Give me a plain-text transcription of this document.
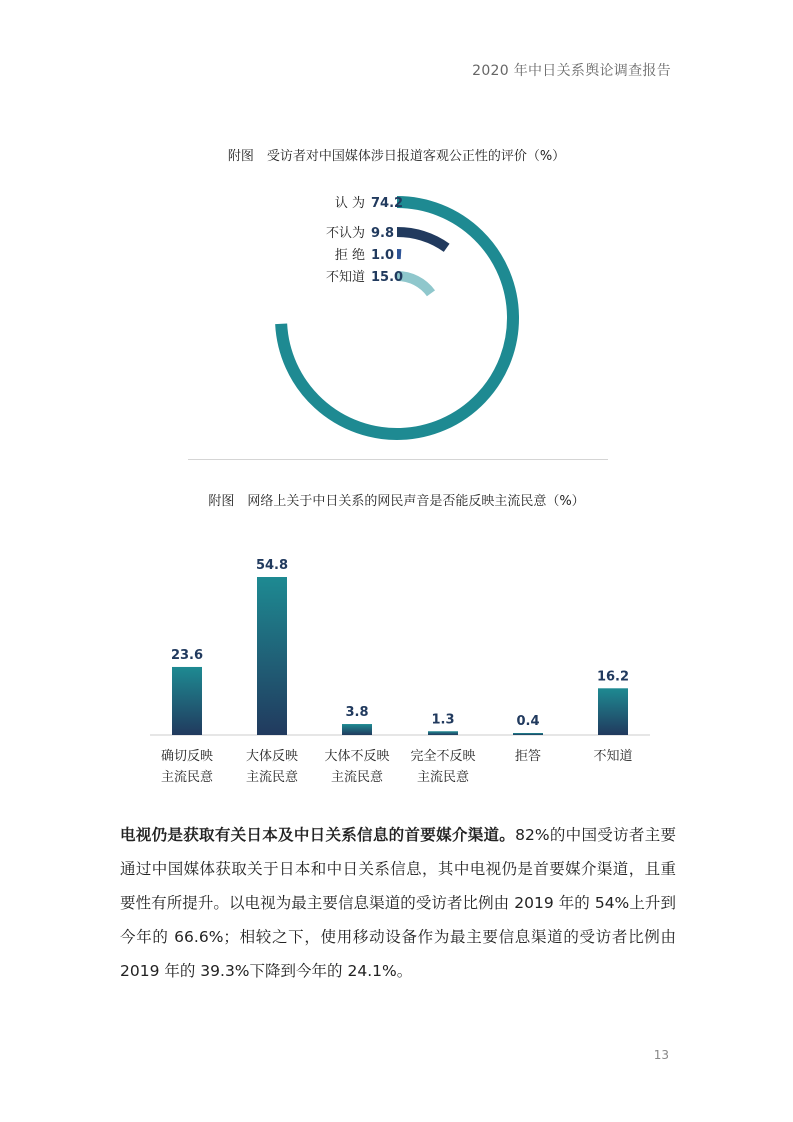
2020 年中日关系舆论调查报告
附图　受访者对中国媒体涉日报道客观公正性的评价（%）
认 为 74.2
不认为 9.8
拒 绝 1.0
不知道 15.0
附图　网络上关于中日关系的网民声音是否能反映主流民意（%）
23.6
确切反映
主流民意
54.8
大体反映
主流民意
3.8
大体不反映
主流民意
1.3
完全不反映
主流民意
0.4
拒答
16.2
不知道
电视仍是获取有关日本及中日关系信息的首要媒介渠道。82%的中国受访者主要通过中国媒体获取关于日本和中日关系信息，其中电视仍是首要媒介渠道，且重要性有所提升。以电视为最主要信息渠道的受访者比例由 2019 年的 54%上升到今年的 66.6%；相较之下，使用移动设备作为最主要信息渠道的受访者比例由 2019 年的 39.3%下降到今年的 24.1%。
13
